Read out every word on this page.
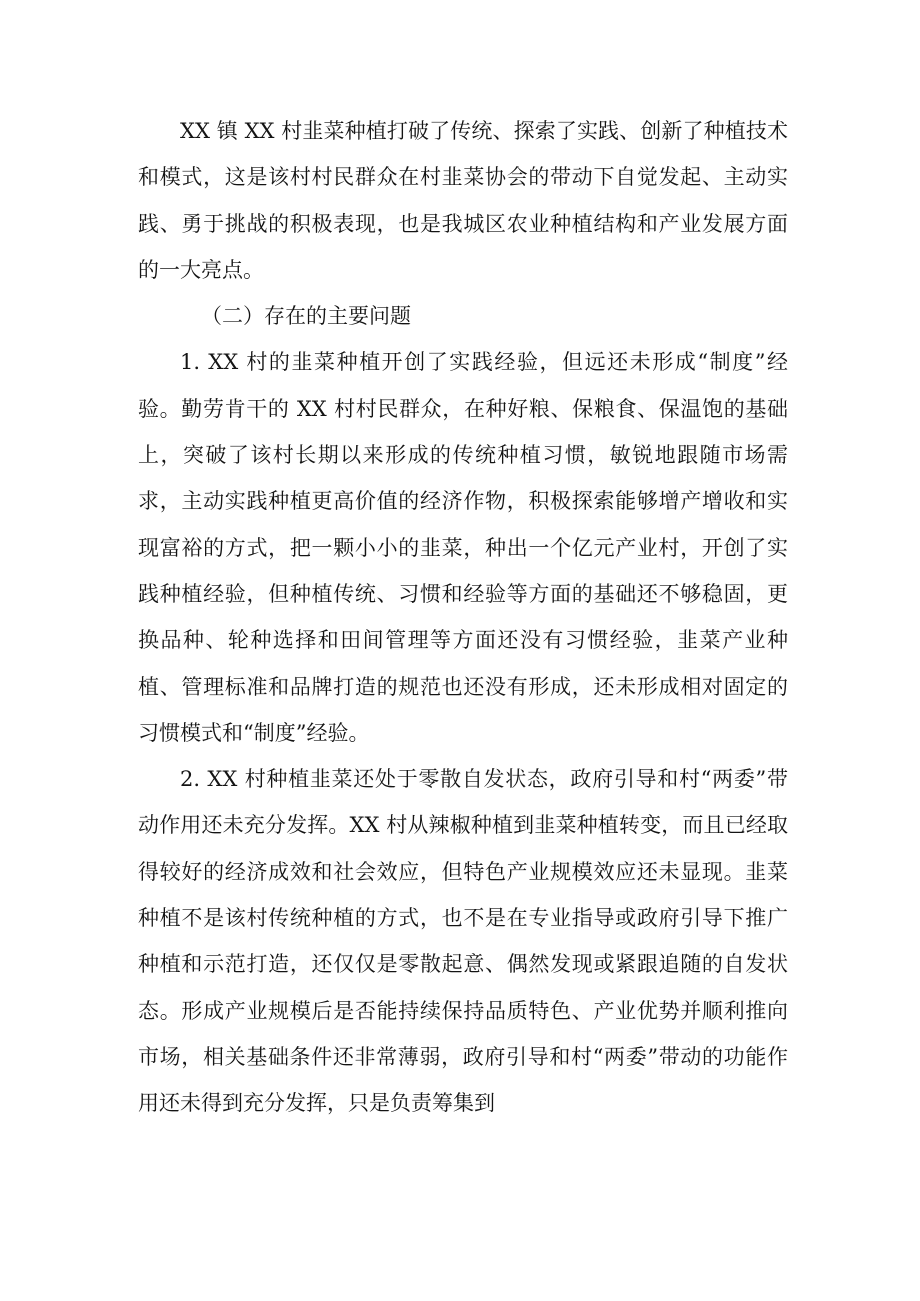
XX 镇 XX 村韭菜种植打破了传统、探索了实践、创新了种植技术和模式，这是该村村民群众在村韭菜协会的带动下自觉发起、主动实践、勇于挑战的积极表现，也是我城区农业种植结构和产业发展方面的一大亮点。

（二）存在的主要问题

1. XX 村的韭菜种植开创了实践经验，但远还未形成“制度”经验。勤劳肯干的 XX 村村民群众，在种好粮、保粮食、保温饱的基础上，突破了该村长期以来形成的传统种植习惯，敏锐地跟随市场需求，主动实践种植更高价值的经济作物，积极探索能够增产增收和实现富裕的方式，把一颗小小的韭菜，种出一个亿元产业村，开创了实践种植经验，但种植传统、习惯和经验等方面的基础还不够稳固，更换品种、轮种选择和田间管理等方面还没有习惯经验，韭菜产业种植、管理标准和品牌打造的规范也还没有形成，还未形成相对固定的习惯模式和“制度”经验。

2. XX 村种植韭菜还处于零散自发状态，政府引导和村“两委”带动作用还未充分发挥。XX 村从辣椒种植到韭菜种植转变，而且已经取得较好的经济成效和社会效应，但特色产业规模效应还未显现。韭菜种植不是该村传统种植的方式，也不是在专业指导或政府引导下推广种植和示范打造，还仅仅是零散起意、偶然发现或紧跟追随的自发状态。形成产业规模后是否能持续保持品质特色、产业优势并顺利推向市场，相关基础条件还非常薄弱，政府引导和村“两委”带动的功能作用还未得到充分发挥，只是负责筹集到
